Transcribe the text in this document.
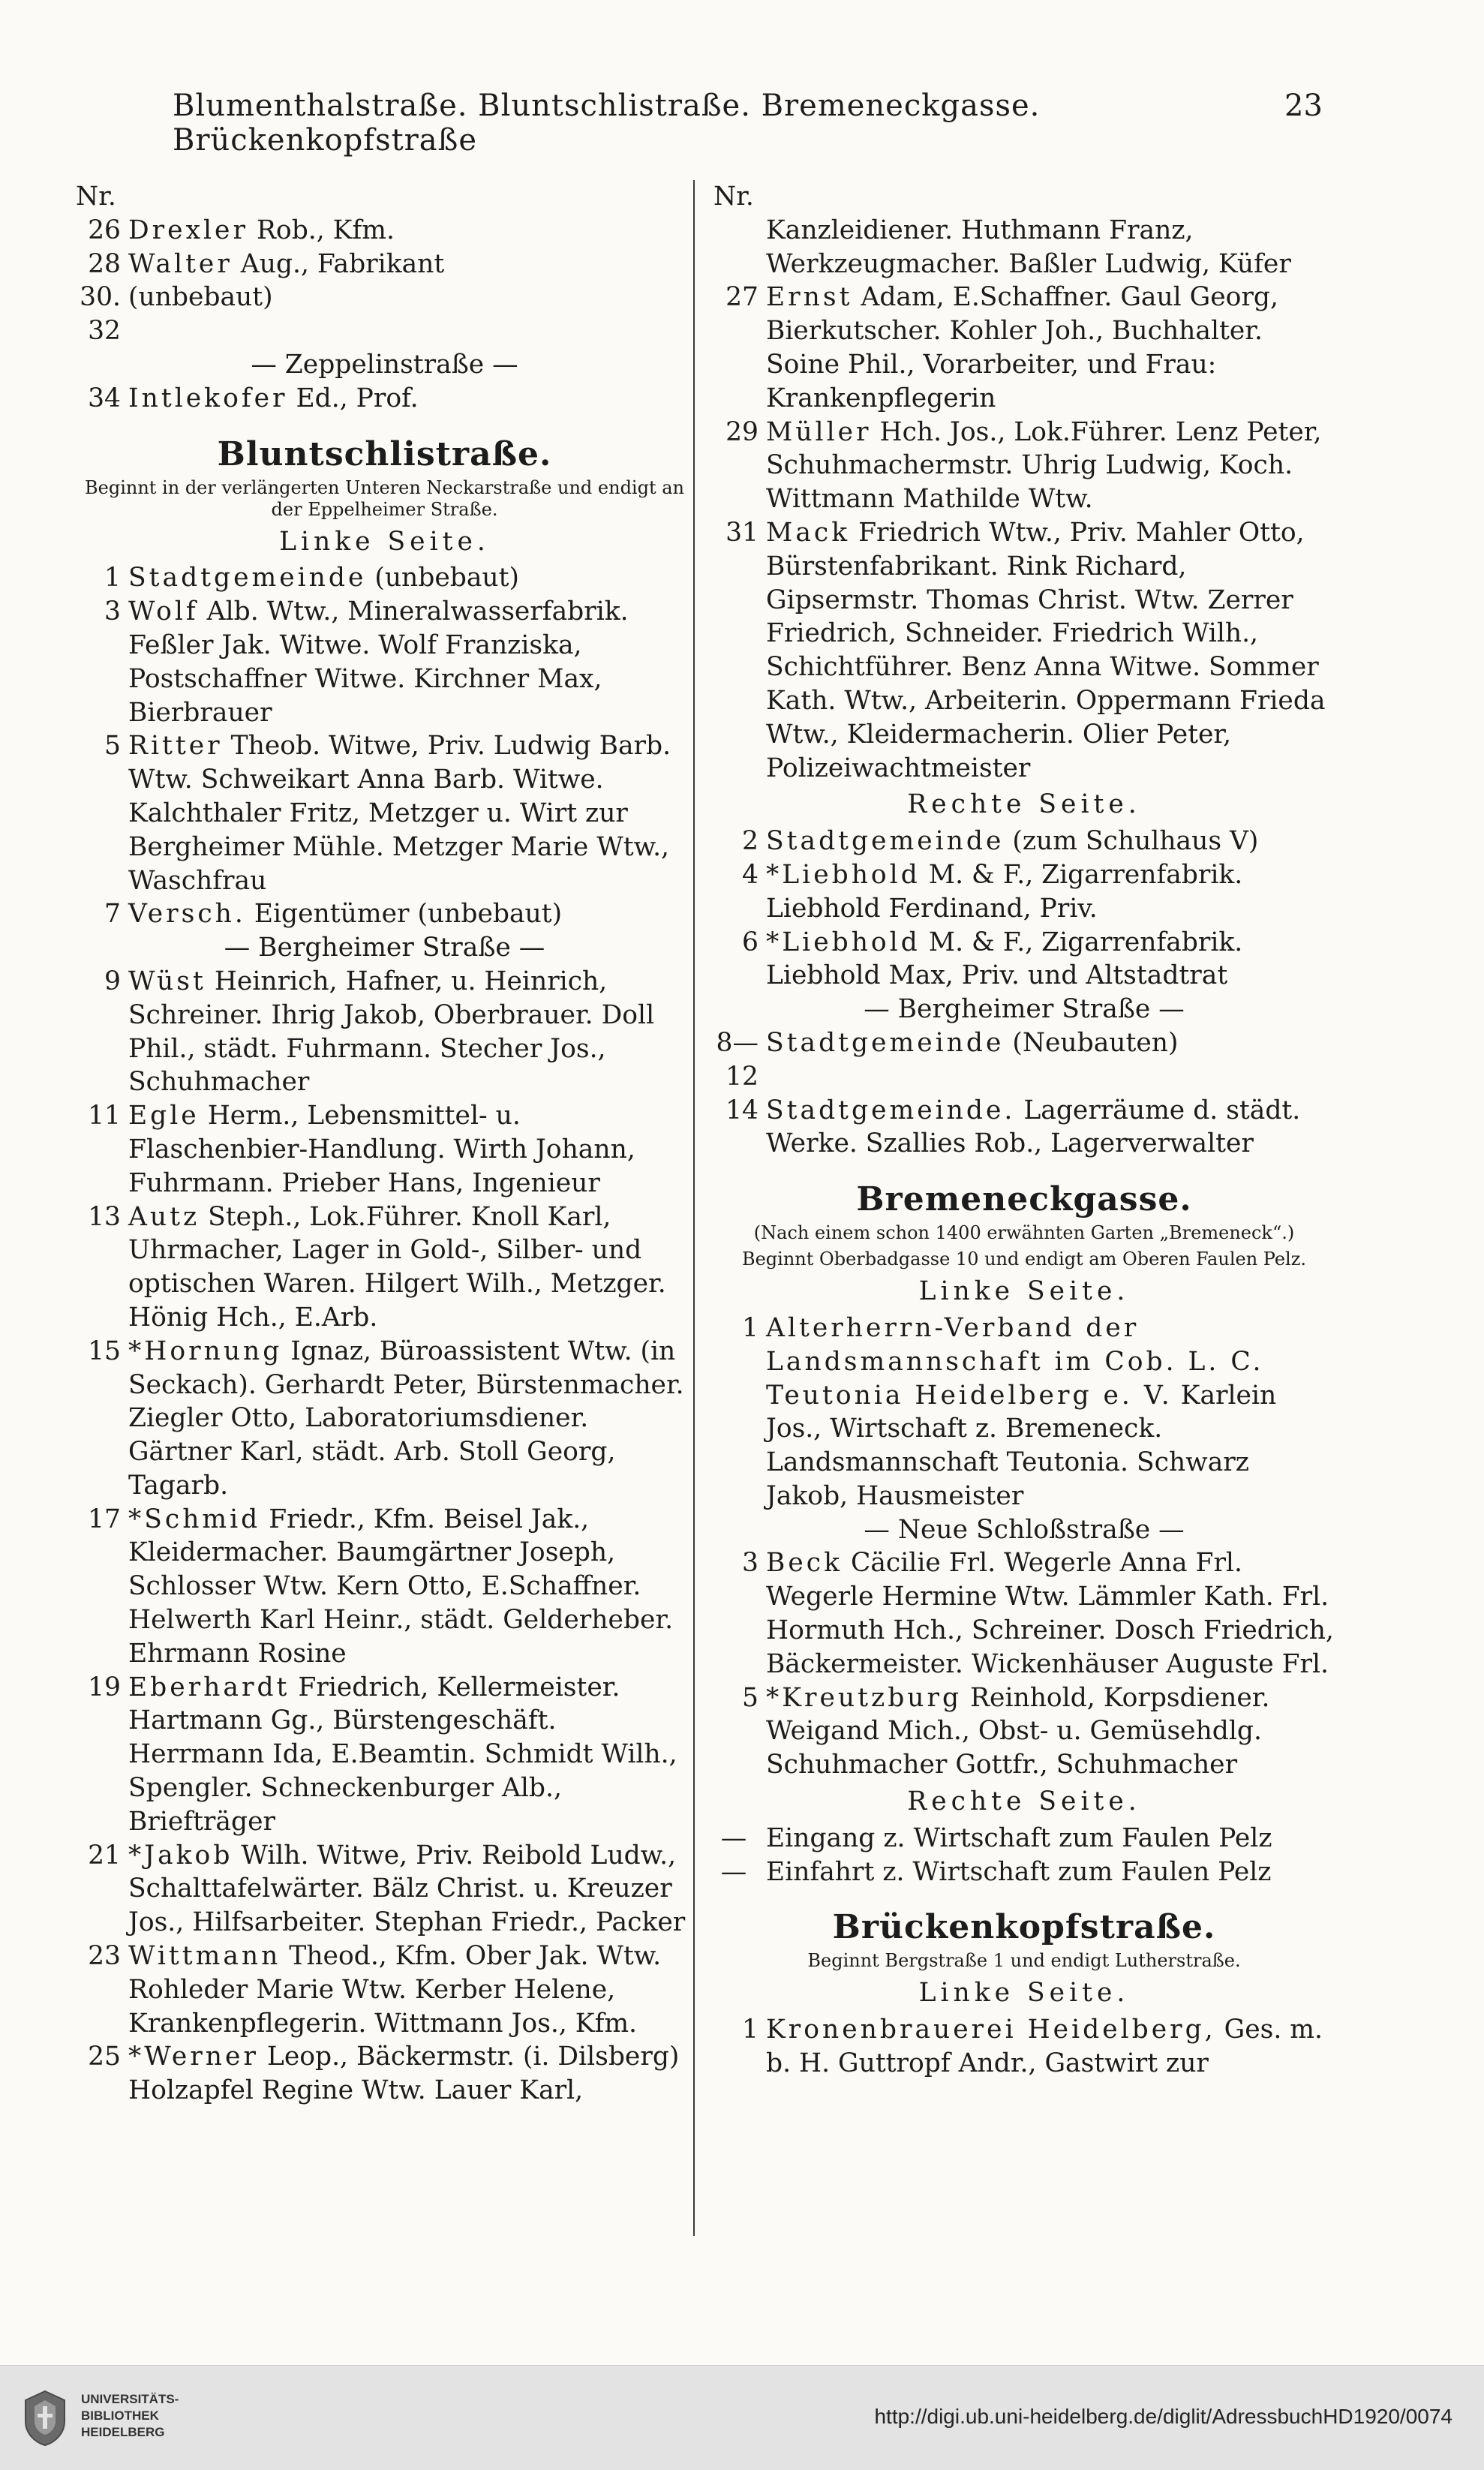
Blumenthalstraße. Bluntschlistraße. Bremeneckgasse. Brückenkopfstraße
23
Nr.
26 Drexler Rob., Kfm.
28 Walter Aug., Fabrikant
30. 32
(unbebaut)
— Zeppelinstraße —
34 Intlekofer Ed., Prof.
Bluntschlistraße.
Beginnt in der verlängerten Unteren Neckarstraße und endigt an der Eppelheimer Straße.
Linke Seite.
1 Stadtgemeinde (unbebaut)
3 Wolf Alb. Wtw., Mineralwasserfabrik. Feßler Jak. Witwe. Wolf Franziska, Postschaffner Witwe. Kirchner Max, Bierbrauer
5 Ritter Theob. Witwe, Priv. Ludwig Barb. Wtw. Schweikart Anna Barb. Witwe. Kalchthaler Fritz, Metzger u. Wirt zur Bergheimer Mühle. Metzger Marie Wtw., Waschfrau
7 Versch. Eigentümer (unbebaut)
— Bergheimer Straße —
9 Wüst Heinrich, Hafner, u. Heinrich, Schreiner. Ihrig Jakob, Oberbrauer. Doll Phil., städt. Fuhrmann. Stecher Jos., Schuhmacher
11 Egle Herm., Lebensmittel- u. Flaschenbier-Handlung. Wirth Johann, Fuhrmann. Prieber Hans, Ingenieur
13 Autz Steph., Lok.Führer. Knoll Karl, Uhrmacher, Lager in Gold-, Silber- und optischen Waren. Hilgert Wilh., Metzger. Hönig Hch., E.Arb.
15 *Hornung Ignaz, Büroassistent Wtw. (in Seckach). Gerhardt Peter, Bürstenmacher. Ziegler Otto, Laboratoriumsdiener. Gärtner Karl, städt. Arb. Stoll Georg, Tagarb.
17 *Schmid Friedr., Kfm. Beisel Jak., Kleidermacher. Baumgärtner Joseph, Schlosser Wtw. Kern Otto, E.Schaffner. Helwerth Karl Heinr., städt. Gelderheber. Ehrmann Rosine
19 Eberhardt Friedrich, Kellermeister. Hartmann Gg., Bürstengeschäft. Herrmann Ida, E.Beamtin. Schmidt Wilh., Spengler. Schneckenburger Alb., Briefträger
21 *Jakob Wilh. Witwe, Priv. Reibold Ludw., Schalttafelwärter. Bälz Christ. u. Kreuzer Jos., Hilfsarbeiter. Stephan Friedr., Packer
23 Wittmann Theod., Kfm. Ober Jak. Wtw. Rohleder Marie Wtw. Kerber Helene, Krankenpflegerin. Wittmann Jos., Kfm.
25 *Werner Leop., Bäckermstr. (i. Dilsberg) Holzapfel Regine Wtw. Lauer Karl,
Nr.
Kanzleidiener. Huthmann Franz, Werkzeugmacher. Baßler Ludwig, Küfer
27 Ernst Adam, E.Schaffner. Gaul Georg, Bierkutscher. Kohler Joh., Buchhalter. Soine Phil., Vorarbeiter, und Frau: Krankenpflegerin
29 Müller Hch. Jos., Lok.Führer. Lenz Peter, Schuhmachermstr. Uhrig Ludwig, Koch. Wittmann Mathilde Wtw.
31 Mack Friedrich Wtw., Priv. Mahler Otto, Bürstenfabrikant. Rink Richard, Gipsermstr. Thomas Christ. Wtw. Zerrer Friedrich, Schneider. Friedrich Wilh., Schichtführer. Benz Anna Witwe. Sommer Kath. Wtw., Arbeiterin. Oppermann Frieda Wtw., Kleidermacherin. Olier Peter, Polizeiwachtmeister
Rechte Seite.
2 Stadtgemeinde (zum Schulhaus V)
4 *Liebhold M. & F., Zigarrenfabrik. Liebhold Ferdinand, Priv.
6 *Liebhold M. & F., Zigarrenfabrik. Liebhold Max, Priv. und Altstadtrat
— Bergheimer Straße —
8—12
Stadtgemeinde (Neubauten)
14 Stadtgemeinde. Lagerräume d. städt. Werke. Szallies Rob., Lagerverwalter
Bremeneckgasse.
(Nach einem schon 1400 erwähnten Garten „Bremeneck“.)
Beginnt Oberbadgasse 10 und endigt am Oberen Faulen Pelz.
Linke Seite.
1 Alterherrn-Verband der Landsmannschaft im Cob. L. C. Teutonia Heidelberg e. V. Karlein Jos., Wirtschaft z. Bremeneck. Landsmannschaft Teutonia. Schwarz Jakob, Hausmeister
— Neue Schloßstraße —
3 Beck Cäcilie Frl. Wegerle Anna Frl. Wegerle Hermine Wtw. Lämmler Kath. Frl. Hormuth Hch., Schreiner. Dosch Friedrich, Bäckermeister. Wickenhäuser Auguste Frl.
5 *Kreutzburg Reinhold, Korpsdiener. Weigand Mich., Obst- u. Gemüsehdlg. Schuhmacher Gottfr., Schuhmacher
Rechte Seite.
— Eingang z. Wirtschaft zum Faulen Pelz
— Einfahrt z. Wirtschaft zum Faulen Pelz
Brückenkopfstraße.
Beginnt Bergstraße 1 und endigt Lutherstraße.
Linke Seite.
1 Kronenbrauerei Heidelberg, Ges. m. b. H. Guttropf Andr., Gastwirt zur
UNIVERSITÄTS-
BIBLIOTHEK
HEIDELBERG
http://digi.ub.uni-heidelberg.de/diglit/AdressbuchHD1920/0074
